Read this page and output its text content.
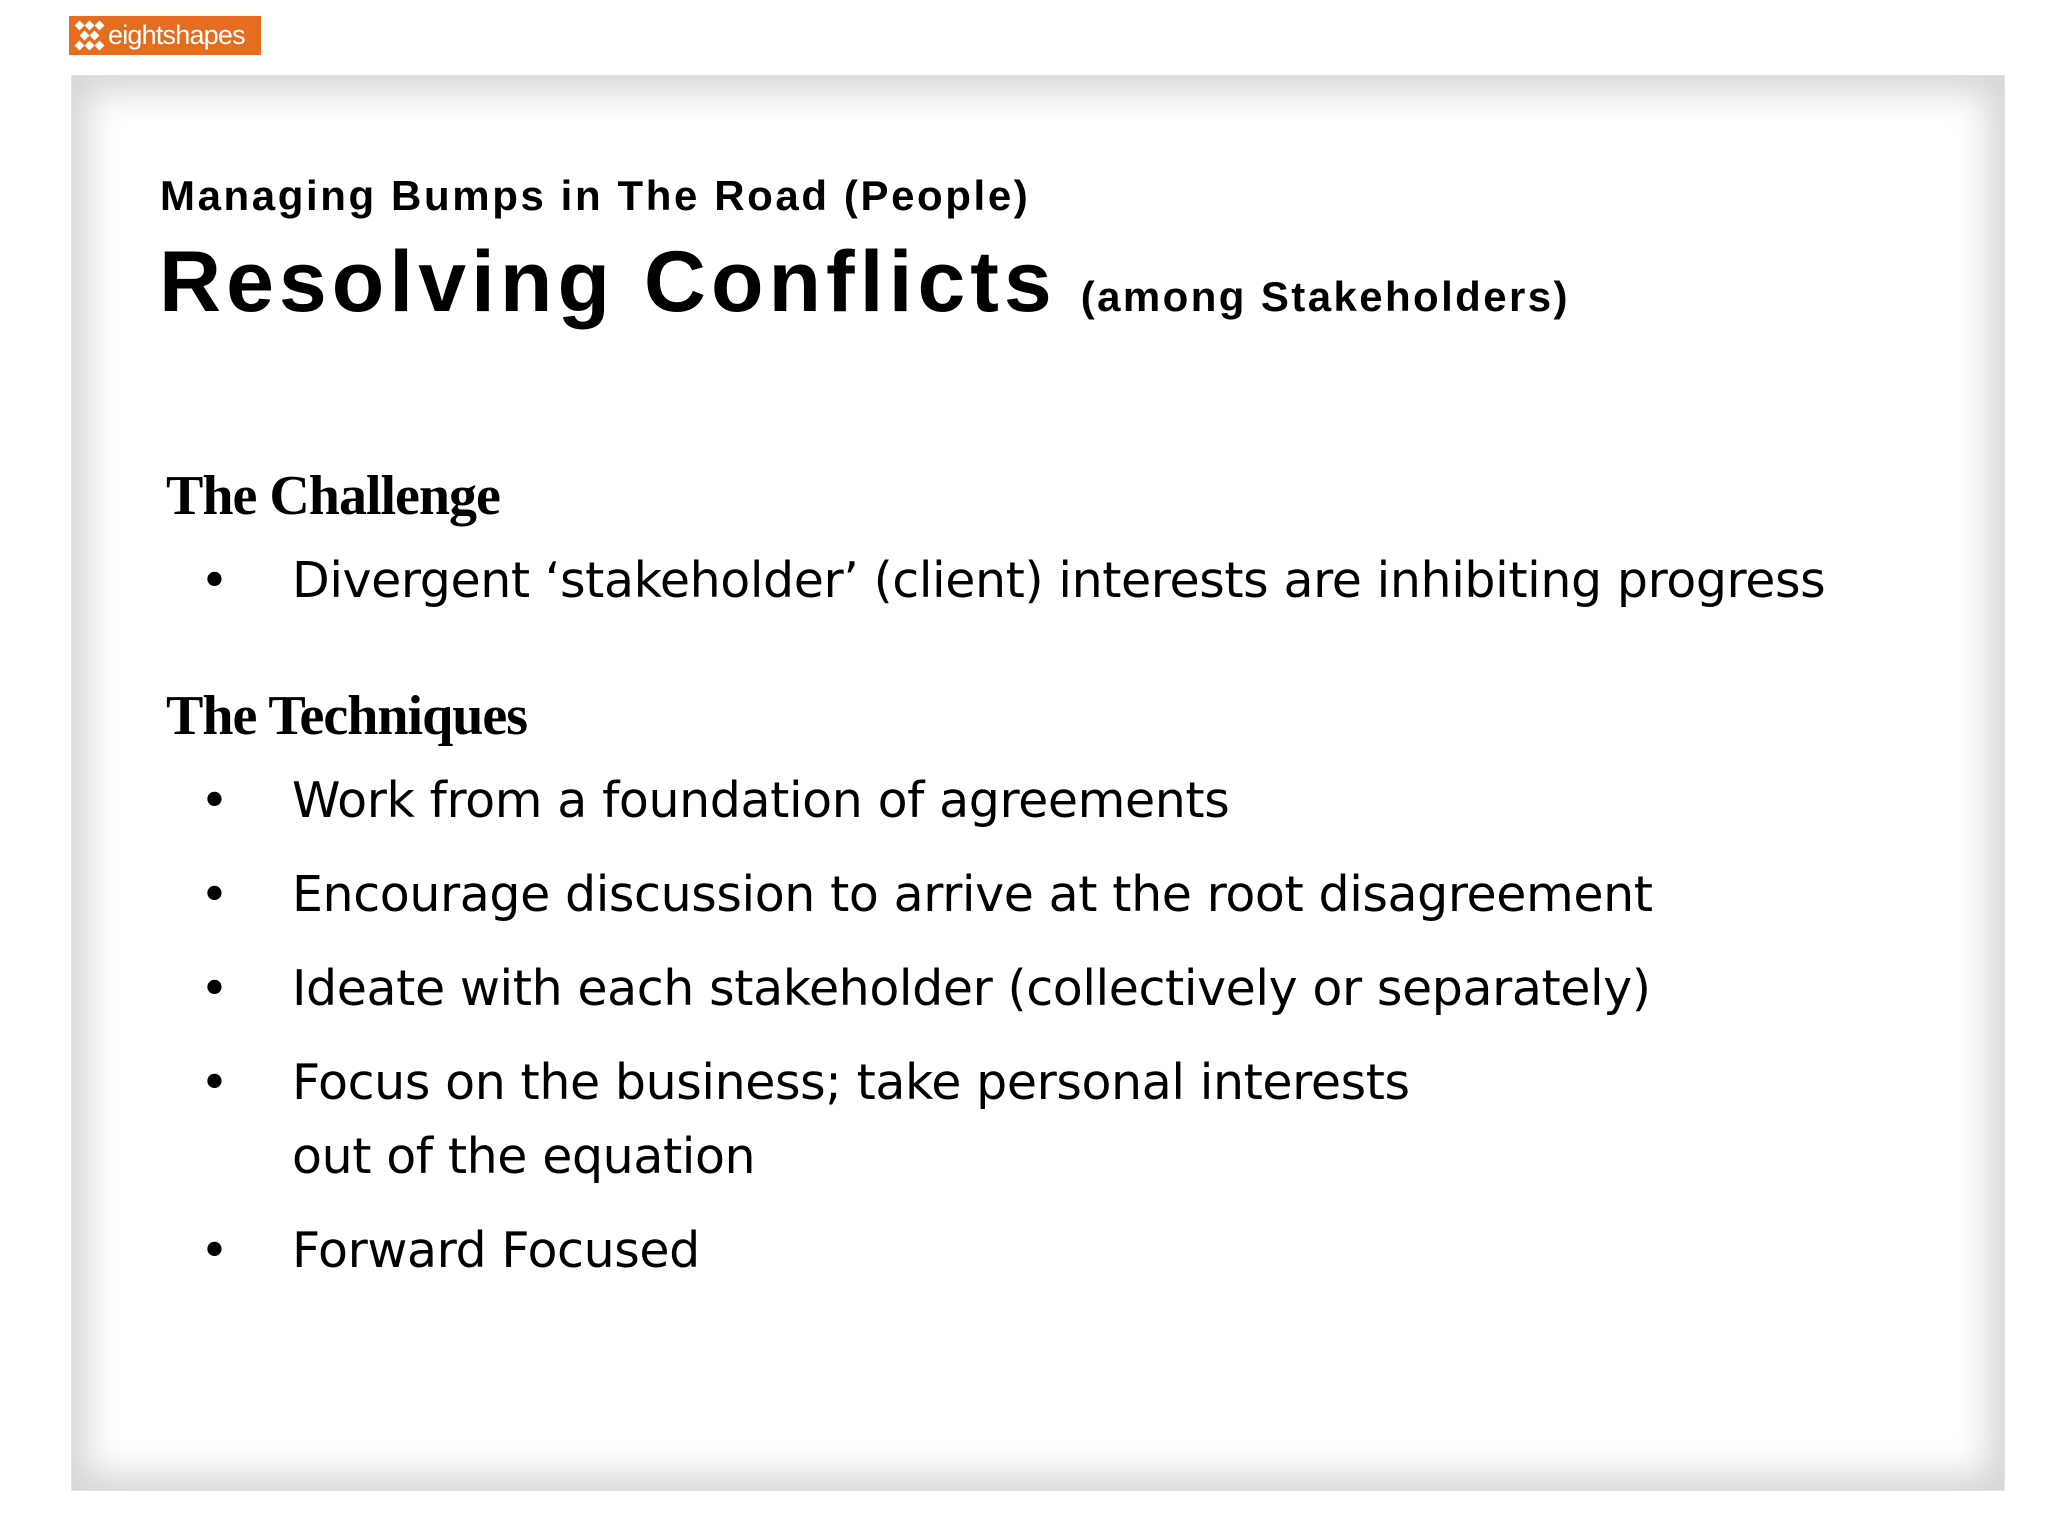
eightshapes
Managing Bumps in The Road (People)
Resolving Conflicts (among Stakeholders)
The Challenge
• Divergent ‘stakeholder’ (client) interests are inhibiting progress
The Techniques
• Work from a foundation of agreements
• Encourage discussion to arrive at the root disagreement
• Ideate with each stakeholder (collectively or separately)
• Focus on the business; take personal interests out of the equation
• Forward Focused
